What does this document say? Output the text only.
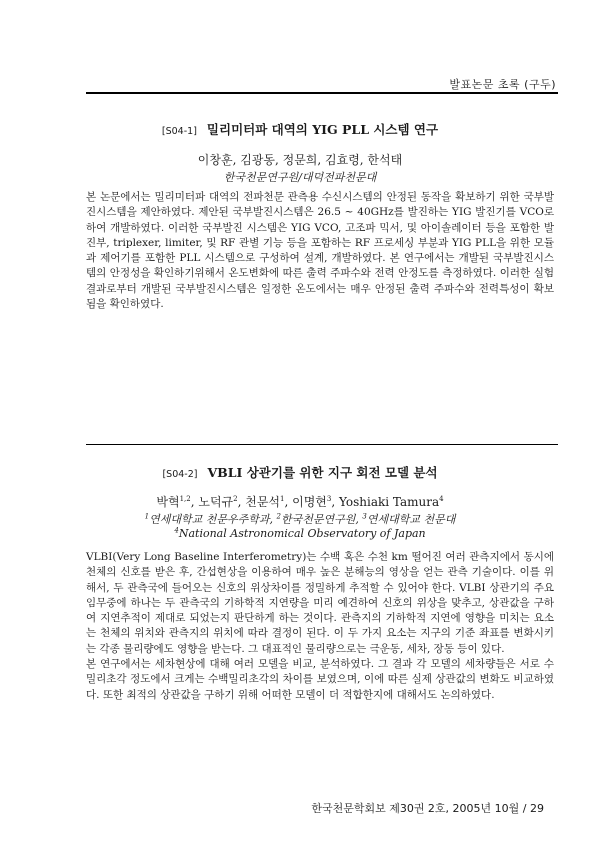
발표논문 초록 (구두)
[S04-1] 밀리미터파 대역의 YIG PLL 시스템 연구
이창훈, 김광동, 정문희, 김효령, 한석태
한국천문연구원/대덕전파천문대

본 논문에서는 밀리미터파 대역의 전파천문 관측용 수신시스템의 안정된 동작을 확보하기 위한 국부발진시스템을 제안하였다. 제안된 국부발진시스템은 26.5 ~ 40GHz를 발진하는 YIG 발진기를 VCO로 하여 개발하였다. 이러한 국부발진 시스템은 YIG VCO, 고조파 믹서, 및 아이솔레이터 등을 포함한 발진부, triplexer, limiter, 및 RF 관별 기능 등을 포함하는 RF 프로세싱 부분과 YIG PLL을 위한 모듈과 제어기를 포함한 PLL 시스템으로 구성하여 설계, 개발하였다. 본 연구에서는 개발된 국부발진시스템의 안정성을 확인하기위해서 온도변화에 따른 출력 주파수와 전력 안정도를 측정하였다. 이러한 실험결과로부터 개발된 국부발진시스템은 일정한 온도에서는 매우 안정된 출력 주파수와 전력특성이 확보됨을 확인하였다.

[S04-2] VBLI 상관기를 위한 지구 회전 모델 분석
박혁$^{1,2}$, 노덕규$^2$, 천문석$^1$, 이명현$^3$, Yoshiaki Tamura$^4$
$^1$연세대학교 천문우주학과, $^2$한국천문연구원, $^3$연세대학교 천문대
$^4$National Astronomical Observatory of Japan

VLBI(Very Long Baseline Interferometry)는 수백 혹은 수천 km 떨어진 여러 관측지에서 동시에 천체의 신호를 받은 후, 간섭현상을 이용하여 매우 높은 분해능의 영상을 얻는 관측 기술이다. 이를 위해서, 두 관측국에 들어오는 신호의 위상차이를 정밀하게 추적할 수 있어야 한다. VLBI 상관기의 주요 임무중에 하나는 두 관측국의 기하학적 지연량을 미리 예견하여 신호의 위상을 맞추고, 상관값을 구하여 지연추적이 제대로 되었는지 판단하게 하는 것이다. 관측지의 기하학적 지연에 영향을 미치는 요소는 천체의 위치와 관측지의 위치에 따라 결정이 된다. 이 두 가지 요소는 지구의 기준 좌표를 변화시키는 각종 물리량에도 영향을 받는다. 그 대표적인 물리량으로는 극운동, 세차, 장동 등이 있다.

본 연구에서는 세차현상에 대해 여러 모델을 비교, 분석하였다. 그 결과 각 모델의 세차량들은 서로 수밀리초각 정도에서 크게는 수백밀리초각의 차이를 보였으며, 이에 따른 실제 상관값의 변화도 비교하였다. 또한 최적의 상관값을 구하기 위해 어떠한 모델이 더 적합한지에 대해서도 논의하였다.

한국천문학회보 제30권 2호, 2005년 10월 / 29
